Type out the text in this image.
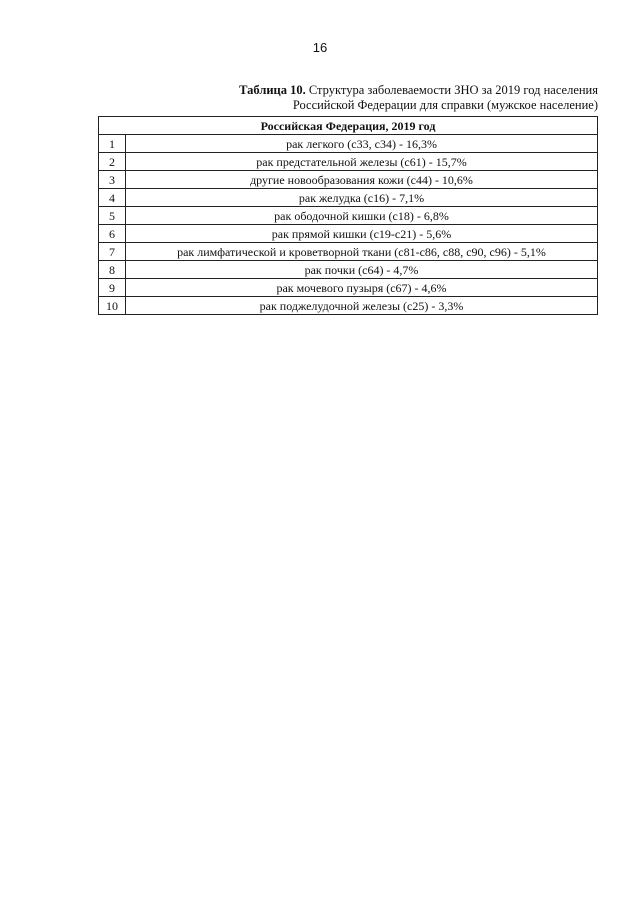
16
Таблица 10. Структура заболеваемости ЗНО за 2019 год населения
Российской Федерации для справки (мужское население)
Российская Федерация, 2019 год	
1	рак легкого (с33, с34) - 16,3%
2	рак предстательной железы (с61) - 15,7%
3	другие новообразования кожи (с44) - 10,6%
4	рак желудка (с16) - 7,1%
5	рак ободочной кишки (с18) - 6,8%
6	рак прямой кишки (с19-с21) - 5,6%
7	рак лимфатической и кроветворной ткани (с81-с86, с88, с90, с96) - 5,1%
8	рак почки (с64) - 4,7%
9	рак мочевого пузыря (с67) - 4,6%
10	рак поджелудочной железы (с25) - 3,3%
